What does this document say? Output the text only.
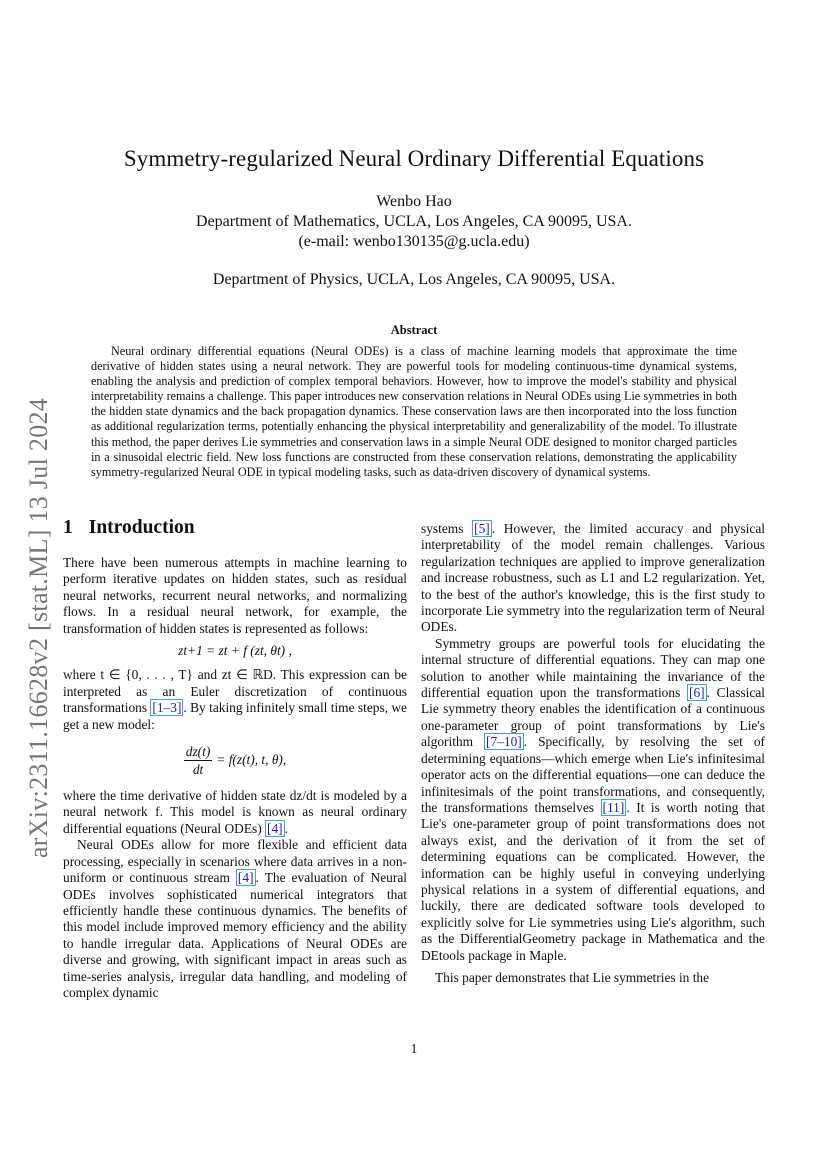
arXiv:2311.16628v2 [stat.ML] 13 Jul 2024
Symmetry-regularized Neural Ordinary Differential Equations
Wenbo Hao
Department of Mathematics, UCLA, Los Angeles, CA 90095, USA.
(e-mail: wenbo130135@g.ucla.edu)
Department of Physics, UCLA, Los Angeles, CA 90095, USA.
Abstract

Neural ordinary differential equations (Neural ODEs) is a class of machine learning models that approximate the time derivative of hidden states using a neural network. They are powerful tools for modeling continuous-time dynamical systems, enabling the analysis and prediction of complex temporal behaviors. However, how to improve the model's stability and physical interpretability remains a challenge. This paper introduces new conservation relations in Neural ODEs using Lie symmetries in both the hidden state dynamics and the back propagation dynamics. These conservation laws are then incorporated into the loss function as additional regularization terms, potentially enhancing the physical interpretability and generalizability of the model. To illustrate this method, the paper derives Lie symmetries and conservation laws in a simple Neural ODE designed to monitor charged particles in a sinusoidal electric field. New loss functions are constructed from these conservation relations, demonstrating the applicability symmetry-regularized Neural ODE in typical modeling tasks, such as data-driven discovery of dynamical systems.

1 Introduction

There have been numerous attempts in machine learning to perform iterative updates on hidden states, such as residual neural networks, recurrent neural networks, and normalizing flows. In a residual neural network, for example, the transformation of hidden states is represented as follows:

zt+1 = zt + f (zt, θt) ,

where t ∈ {0, . . . , T} and zt ∈ ℝD. This expression can be interpreted as an Euler discretization of continuous transformations [1–3] . By taking infinitely small time steps, we get a new model:

$\frac{dz(t)}{dt} = f(z(t)$, t, θ),

where the time derivative of hidden state dz/dt is modeled by a neural network f. This model is known as neural ordinary differential equations (Neural ODEs) [4] .

Neural ODEs allow for more flexible and efficient data processing, especially in scenarios where data arrives in a non-uniform or continuous stream [4] . The evaluation of Neural ODEs involves sophisticated numerical integrators that efficiently handle these continuous dynamics. The benefits of this model include improved memory efficiency and the ability to handle irregular data. Applications of Neural ODEs are diverse and growing, with significant impact in areas such as time-series analysis, irregular data handling, and modeling of complex dynamic

systems [5] . However, the limited accuracy and physical interpretability of the model remain challenges. Various regularization techniques are applied to improve generalization and increase robustness, such as L1 and L2 regularization. Yet, to the best of the author's knowledge, this is the first study to incorporate Lie symmetry into the regularization term of Neural ODEs.

Symmetry groups are powerful tools for elucidating the internal structure of differential equations. They can map one solution to another while maintaining the invariance of the differential equation upon the transformations [6] . Classical Lie symmetry theory enables the identification of a continuous one-parameter group of point transformations by Lie's algorithm [7–10] . Specifically, by resolving the set of determining equations—which emerge when Lie's infinitesimal operator acts on the differential equations—one can deduce the infinitesimals of the point transformations, and consequently, the transformations themselves [11] . It is worth noting that Lie's one-parameter group of point transformations does not always exist, and the derivation of it from the set of determining equations can be complicated. However, the information can be highly useful in conveying underlying physical relations in a system of differential equations, and luckily, there are dedicated software tools developed to explicitly solve for Lie symmetries using Lie's algorithm, such as the DifferentialGeometry package in Mathematica and the DEtools package in Maple.

This paper demonstrates that Lie symmetries in the

1
